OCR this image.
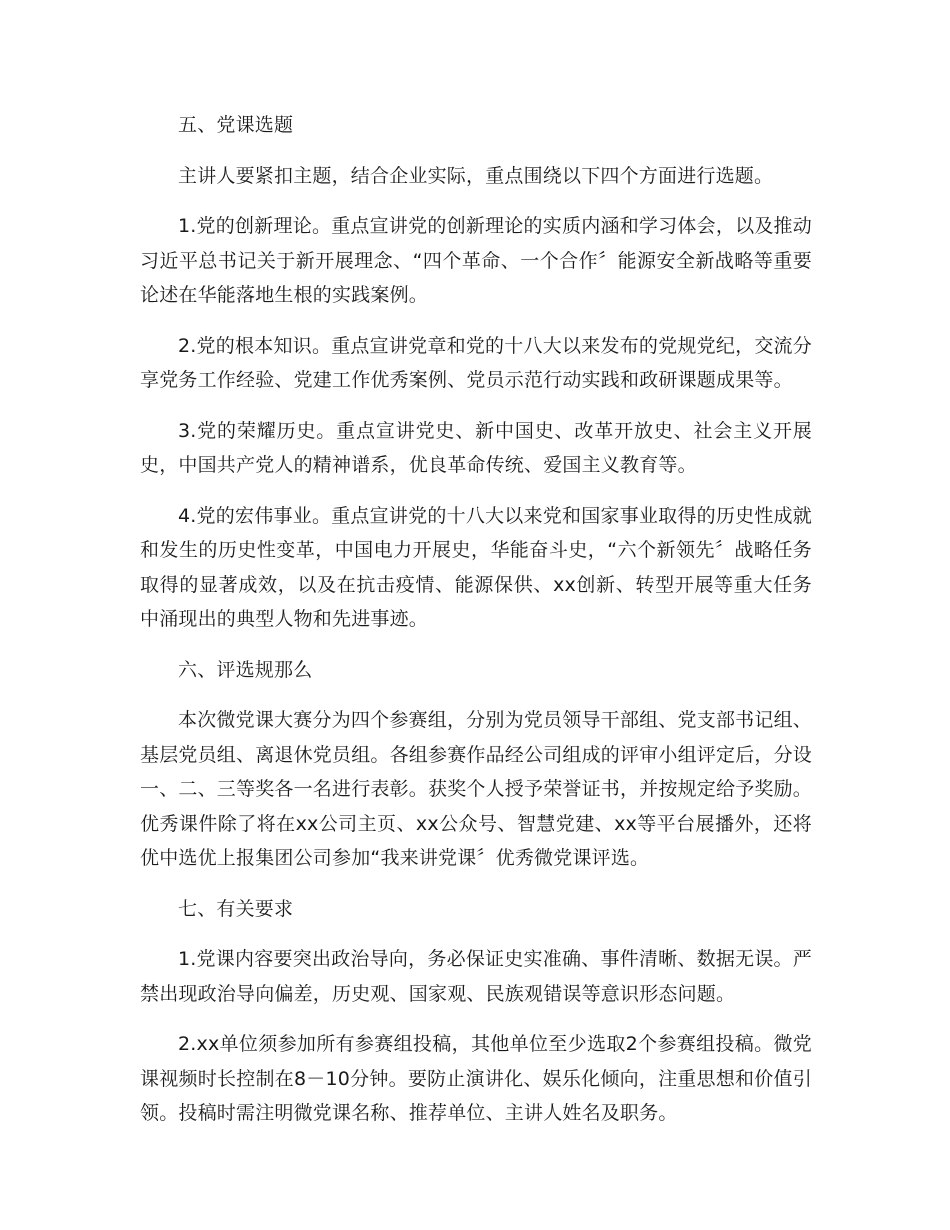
五、党课选题

主讲人要紧扣主题，结合企业实际，重点围绕以下四个方面进行选题。

1.党的创新理论。重点宣讲党的创新理论的实质内涵和学习体会，以及推动习近平总书记关于新开展理念、“四个革命、一个合作〞能源安全新战略等重要论述在华能落地生根的实践案例。

2.党的根本知识。重点宣讲党章和党的十八大以来发布的党规党纪，交流分享党务工作经验、党建工作优秀案例、党员示范行动实践和政研课题成果等。

3.党的荣耀历史。重点宣讲党史、新中国史、改革开放史、社会主义开展史，中国共产党人的精神谱系，优良革命传统、爱国主义教育等。

4.党的宏伟事业。重点宣讲党的十八大以来党和国家事业取得的历史性成就和发生的历史性变革，中国电力开展史，华能奋斗史，“六个新领先〞战略任务取得的显著成效，以及在抗击疫情、能源保供、xx创新、转型开展等重大任务中涌现出的典型人物和先进事迹。

六、评选规那么

本次微党课大赛分为四个参赛组，分别为党员领导干部组、党支部书记组、基层党员组、离退休党员组。各组参赛作品经公司组成的评审小组评定后，分设一、二、三等奖各一名进行表彰。获奖个人授予荣誉证书，并按规定给予奖励。优秀课件除了将在xx公司主页、xx公众号、智慧党建、xx等平台展播外，还将优中选优上报集团公司参加“我来讲党课〞优秀微党课评选。

七、有关要求

1.党课内容要突出政治导向，务必保证史实准确、事件清晰、数据无误。严禁出现政治导向偏差，历史观、国家观、民族观错误等意识形态问题。

2.xx单位须参加所有参赛组投稿，其他单位至少选取2个参赛组投稿。微党课视频时长控制在8－10分钟。要防止演讲化、娱乐化倾向，注重思想和价值引领。投稿时需注明微党课名称、推荐单位、主讲人姓名及职务。
